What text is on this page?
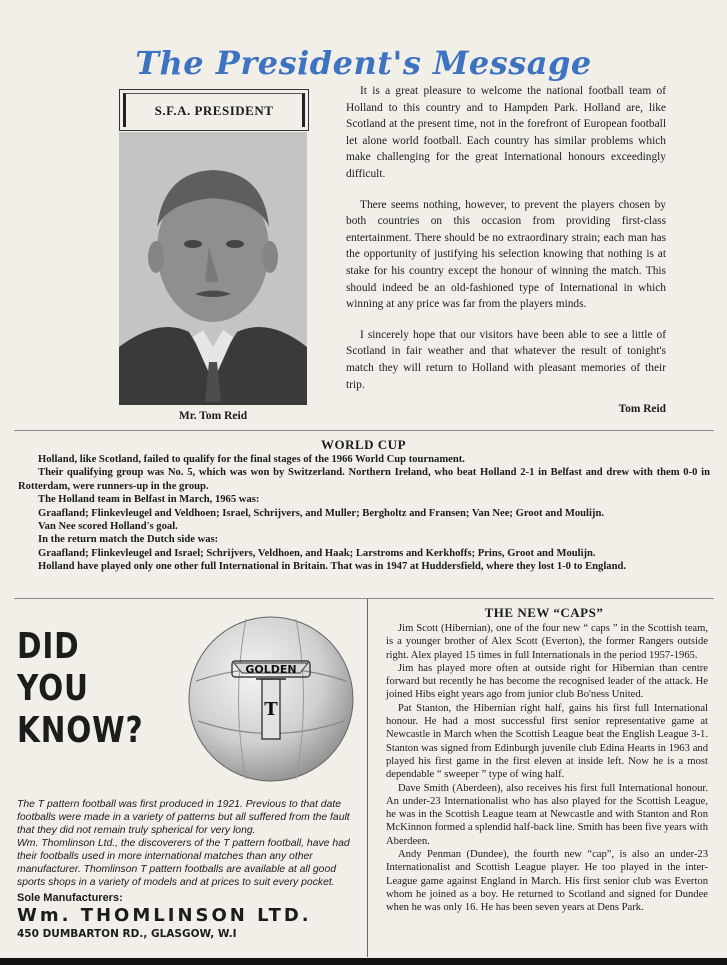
The President's Message
S.F.A. PRESIDENT
Mr. Tom Reid

It is a great pleasure to welcome the national football team of Holland to this country and to Hampden Park. Holland are, like Scotland at the present time, not in the forefront of European football let alone world football. Each country has similar problems which make challenging for the great International honours exceedingly difficult.

There seems nothing, however, to prevent the players chosen by both countries on this occasion from providing first-class entertainment. There should be no extraordinary strain; each man has the opportunity of justifying his selection knowing that nothing is at stake for his country except the honour of winning the match. This should indeed be an old-fashioned type of International in which winning at any price was far from the players minds.

I sincerely hope that our visitors have been able to see a little of Scotland in fair weather and that whatever the result of tonight's match they will return to Holland with pleasant memories of their trip.

Tom Reid

WORLD CUP

Holland, like Scotland, failed to qualify for the final stages of the 1966 World Cup tournament.

Their qualifying group was No. 5, which was won by Switzerland. Northern Ireland, who beat Holland 2-1 in Belfast and drew with them 0-0 in Rotterdam, were runners-up in the group.

The Holland team in Belfast in March, 1965 was:

Graafland; Flinkevleugel and Veldhoen; Israel, Schrijvers, and Muller; Bergholtz and Fransen; Van Nee; Groot and Moulijn.

Van Nee scored Holland's goal.

In the return match the Dutch side was:

Graafland; Flinkevleugel and Israel; Schrijvers, Veldhoen, and Haak; Larstroms and Kerkhoffs; Prins, Groot and Moulijn.

Holland have played only one other full International in Britain. That was in 1947 at Huddersfield, where they lost 1-0 to England.

DID
YOU
KNOW?
GOLDEN
T

The T pattern football was first produced in 1921. Previous to that date footballs were made in a variety of patterns but all suffered from the fault that they did not remain truly spherical for very long.

Wm. Thomlinson Ltd., the discoverers of the T pattern football, have had their footballs used in more international matches than any other manufacturer. Thomlinson T pattern footballs are available at all good sports shops in a variety of models and at prices to suit every pocket.

Sole Manufacturers:
Wm. THOMLINSON LTD.
450 DUMBARTON RD., GLASGOW, W.I
THE NEW “CAPS”

Jim Scott (Hibernian), one of the four new “ caps ” in the Scottish team, is a younger brother of Alex Scott (Everton), the former Rangers outside right. Alex played 15 times in full Internationals in the period 1957-1965.

Jim has played more often at outside right for Hibernian than centre forward but recently he has become the recognised leader of the attack. He joined Hibs eight years ago from junior club Bo'ness United.

Pat Stanton, the Hibernian right half, gains his first full International honour. He had a most successful first senior representative game at Newcastle in March when the Scottish League beat the English League 3-1. Stanton was signed from Edinburgh juvenile club Edina Hearts in 1963 and played his first game in the first eleven at inside left. Now he is a most dependable “ sweeper ” type of wing half.

Dave Smith (Aberdeen), also receives his first full International honour. An under-23 Internationalist who has also played for the Scottish League, he was in the Scottish League team at Newcastle and with Stanton and Ron McKinnon formed a splendid half-back line. Smith has been five years with Aberdeen.

Andy Penman (Dundee), the fourth new “cap”, is also an under-23 Internationalist and Scottish League player. He too played in the inter-League game against England in March. His first senior club was Everton whom he joined as a boy. He returned to Scotland and signed for Dundee when he was only 16. He has been seven years at Dens Park.
